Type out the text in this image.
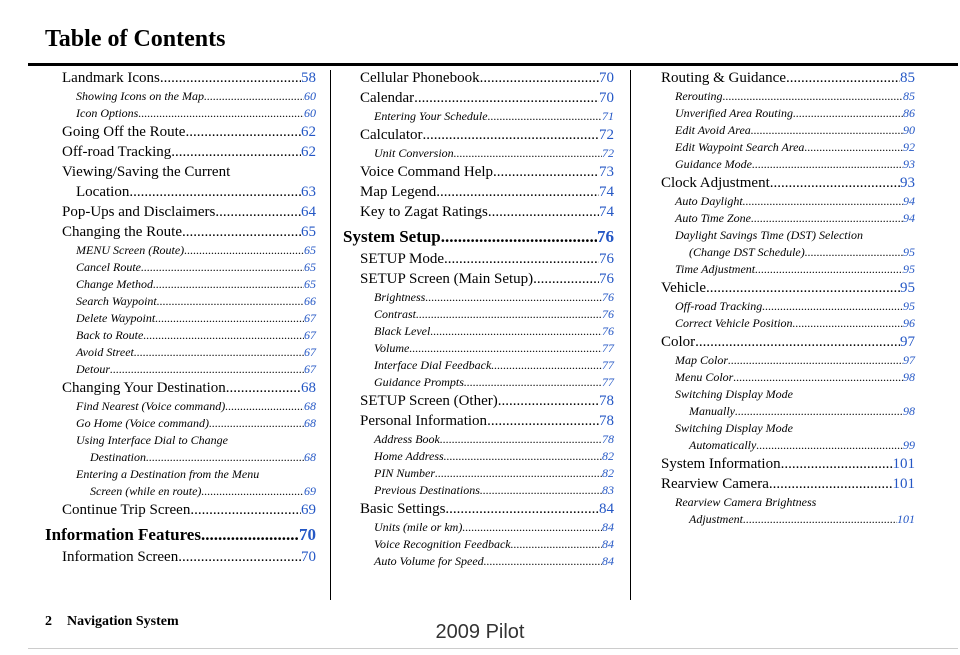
Table of Contents
Landmark Icons .....	58
Showing Icons on the Map .....	60
Icon Options .....	60
Going Off the Route .....	62
Off-road Tracking .....	62
Viewing/Saving the Current
Location .....	63
Pop-Ups and Disclaimers .....	64
Changing the Route .....	65
MENU Screen (Route) .....	65
Cancel Route .....	65
Change Method .....	65
Search Waypoint .....	66
Delete Waypoint .....	67
Back to Route .....	67
Avoid Street .....	67
Detour .....	67
Changing Your Destination .....	68
Find Nearest (Voice command) .....	68
Go Home (Voice command) .....	68
Using Interface Dial to Change
Destination .....	68
Entering a Destination from the Menu
Screen (while en route) .....	69
Continue Trip Screen .....	69
Information Features .....	70
Information Screen .....	70
Cellular Phonebook .....	70
Calendar .....	70
Entering Your Schedule .....	71
Calculator .....	72
Unit Conversion .....	72
Voice Command Help .....	73
Map Legend .....	74
Key to Zagat Ratings .....	74
System Setup .....	76
SETUP Mode .....	76
SETUP Screen (Main Setup) .....	76
Brightness .....	76
Contrast .....	76
Black Level .....	76
Volume .....	77
Interface Dial Feedback .....	77
Guidance Prompts .....	77
SETUP Screen (Other) .....	78
Personal Information .....	78
Address Book .....	78
Home Address .....	82
PIN Number .....	82
Previous Destinations .....	83
Basic Settings .....	84
Units (mile or km) .....	84
Voice Recognition Feedback .....	84
Auto Volume for Speed .....	84
Routing & Guidance .....	85
Rerouting .....	85
Unverified Area Routing .....	86
Edit Avoid Area .....	90
Edit Waypoint Search Area .....	92
Guidance Mode .....	93
Clock Adjustment .....	93
Auto Daylight .....	94
Auto Time Zone .....	94
Daylight Savings Time (DST) Selection
(Change DST Schedule) .....	95
Time Adjustment .....	95
Vehicle .....	95
Off-road Tracking .....	95
Correct Vehicle Position .....	96
Color .....	97
Map Color .....	97
Menu Color .....	98
Switching Display Mode
Manually .....	98
Switching Display Mode
Automatically .....	99
System Information .....	101
Rearview Camera .....	101
Rearview Camera Brightness
Adjustment .....	101
2 Navigation System	2009 Pilot
